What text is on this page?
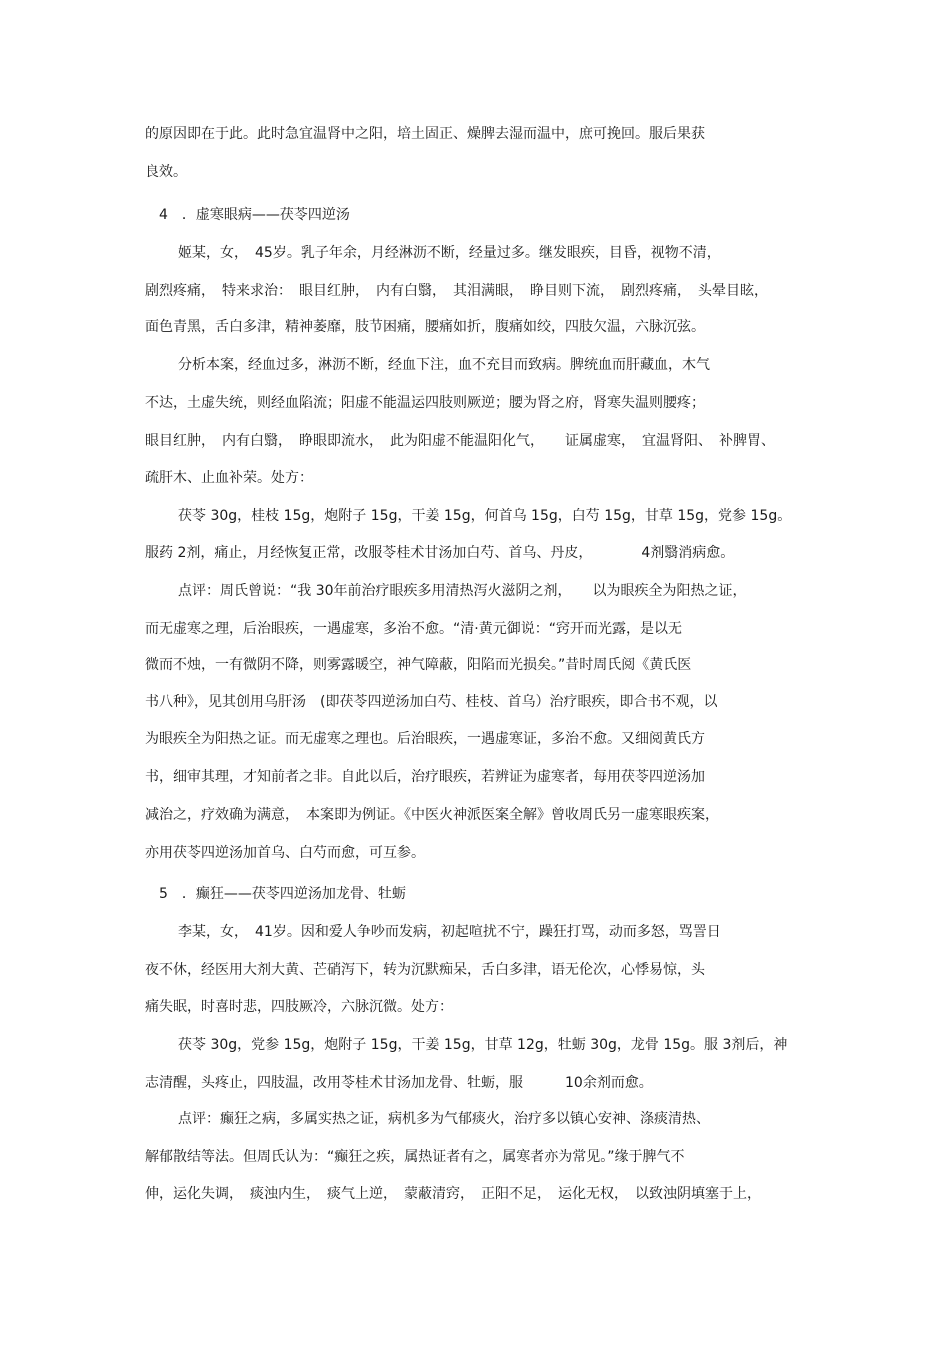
的原因即在于此。此时急宜温肾中之阳，培土固正、燥脾去湿而温中，庶可挽回。服后果获
良效。
4　．虚寒眼病——茯苓四逆汤
姬某，女，　45岁。乳子年余，月经淋沥不断，经量过多。继发眼疾，目昏，视物不清，
剧烈疼痛，　特来求治：　眼目红肿，　内有白翳，　其泪满眼，　睁目则下流，　剧烈疼痛，　头晕目眩，
面色青黑，舌白多津，精神萎靡，肢节困痛，腰痛如折，腹痛如绞，四肢欠温，六脉沉弦。
分析本案，经血过多，淋沥不断，经血下注，血不充目而致病。脾统血而肝藏血，木气
不达，土虚失统，则经血陷流；阳虚不能温运四肢则厥逆；腰为肾之府，肾寒失温则腰疼；
眼目红肿，　内有白翳，　睁眼即流水，　此为阳虚不能温阳化气，　　证属虚寒，　宜温肾阳、　补脾胃、
疏肝木、止血补荣。处方：
茯苓 30g，桂枝 15g，炮附子 15g，干姜 15g，何首乌 15g，白芍 15g，甘草 15g，党参 15g。
服药 2剂，痛止，月经恢复正常，改服苓桂术甘汤加白芍、首乌、丹皮，　　　　4剂翳消病愈。
点评：周氏曾说：“我 30年前治疗眼疾多用清热泻火滋阴之剂，　　以为眼疾全为阳热之证，
而无虚寒之理，后治眼疾，一遇虚寒，多治不愈。“清·黄元御说：“窍开而光露，是以无
微而不烛，一有微阴不降，则雾露暖空，神气障蔽，阳陷而光损矣。”昔时周氏阅《黄氏医
书八种》，见其创用乌肝汤　(即茯苓四逆汤加白芍、桂枝、首乌）治疗眼疾，即合书不观，以
为眼疾全为阳热之证。而无虚寒之理也。后治眼疾，一遇虚寒证，多治不愈。又细阅黄氏方
书，细审其理，才知前者之非。自此以后，治疗眼疾，若辨证为虚寒者，每用茯苓四逆汤加
减治之，疗效确为满意，　本案即为例证。《中医火神派医案全解》曾收周氏另一虚寒眼疾案，
亦用茯苓四逆汤加首乌、白芍而愈，可互参。
5　．癫狂——茯苓四逆汤加龙骨、牡蛎
李某，女，　41岁。因和爱人争吵而发病，初起喧扰不宁，躁狂打骂，动而多怒，骂詈日
夜不休，经医用大剂大黄、芒硝泻下，转为沉默痴呆，舌白多津，语无伦次，心悸易惊，头
痛失眠，时喜时悲，四肢厥冷，六脉沉微。处方：
茯苓 30g，党参 15g，炮附子 15g，干姜 15g，甘草 12g，牡蛎 30g，龙骨 15g。服 3剂后，神
志清醒，头疼止，四肢温，改用苓桂术甘汤加龙骨、牡蛎，服　　　10余剂而愈。
点评：癫狂之病，多属实热之证，病机多为气郁痰火，治疗多以镇心安神、涤痰清热、
解郁散结等法。但周氏认为：“癫狂之疾，属热证者有之，属寒者亦为常见。”缘于脾气不
伸，运化失调，　痰浊内生，　痰气上逆，　蒙蔽清窍，　正阳不足，　运化无权，　以致浊阴填塞于上，
